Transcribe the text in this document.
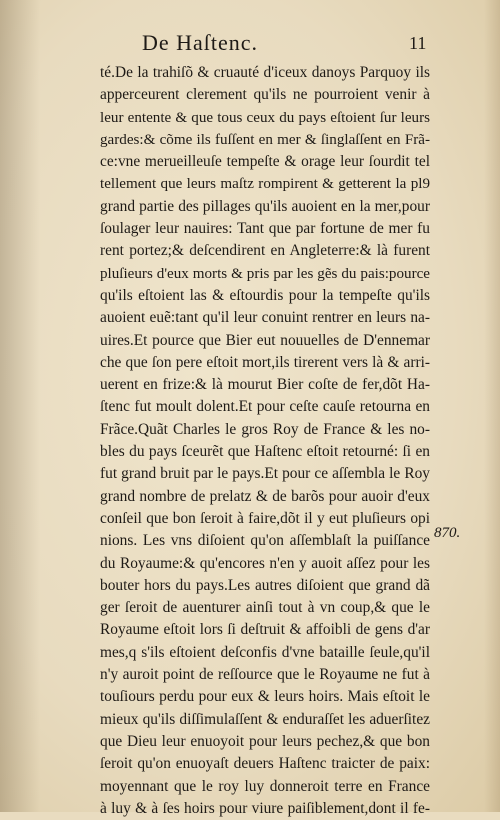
De Haſtenc.	11
té.De la trahiſõ & cruauté d'iceux danoys Parquoy ils
apperceurent clerement qu'ils ne pourroient venir à
leur entente & que tous ceux du pays eſtoient ſur leurs
gardes:& cõme ils fuſſent en mer & ſinglaſſent en Frã-
ce:vne merueilleuſe tempeſte & orage leur ſourdit tel
tellement que leurs maſtz rompirent & getterent la pl9
grand partie des pillages qu'ils auoient en la mer,pour
ſoulager leur nauires: Tant que par fortune de mer fu
rent portez;& deſcendirent en Angleterre:& là furent
pluſieurs d'eux morts & pris par les gẽs du pais:pource
qu'ils eſtoient las & eſtourdis pour la tempeſte qu'ils
auoient euẽ:tant qu'il leur conuint rentrer en leurs na-
uires.Et pource que Bier eut nouuelles de D'ennemar
che que ſon pere eſtoit mort,ils tirerent vers là & arri-
uerent en frize:& là mourut Bier coſte de fer,dõt Ha-
ſtenc fut moult dolent.Et pour ceſte cauſe retourna en
Frãce.Quãt Charles le gros Roy de France & les no-
bles du pays ſceurẽt que Haſtenc eſtoit retourné: ſi en
fut grand bruit par le pays.Et pour ce aſſembla le Roy
grand nombre de prelatz & de barõs pour auoir d'eux
conſeil que bon ſeroit à faire,dõt il y eut pluſieurs opi
nions. Les vns diſoient qu'on aſſemblaſt la puiſſance
du Royaume:& qu'encores n'en y auoit aſſez pour les
bouter hors du pays.Les autres diſoient que grand dã
ger ſeroit de auenturer ainſi tout à vn coup,& que le
Royaume eſtoit lors ſi deſtruit & affoibli de gens d'ar
mes,q s'ils eſtoient deſconfis d'vne bataille ſeule,qu'il
n'y auroit point de reſſource que le Royaume ne fut à
touſiours perdu pour eux & leurs hoirs. Mais eſtoit le
mieux qu'ils diſſimulaſſent & enduraſſet les aduerſitez
que Dieu leur enuoyoit pour leurs pechez,& que bon
ſeroit qu'on enuoyaſt deuers Haſtenc traicter de paix:
moyennant que le roy luy donneroit terre en France
à luy & à ſes hoirs pour viure paiſiblement,dont il fe-
870.
